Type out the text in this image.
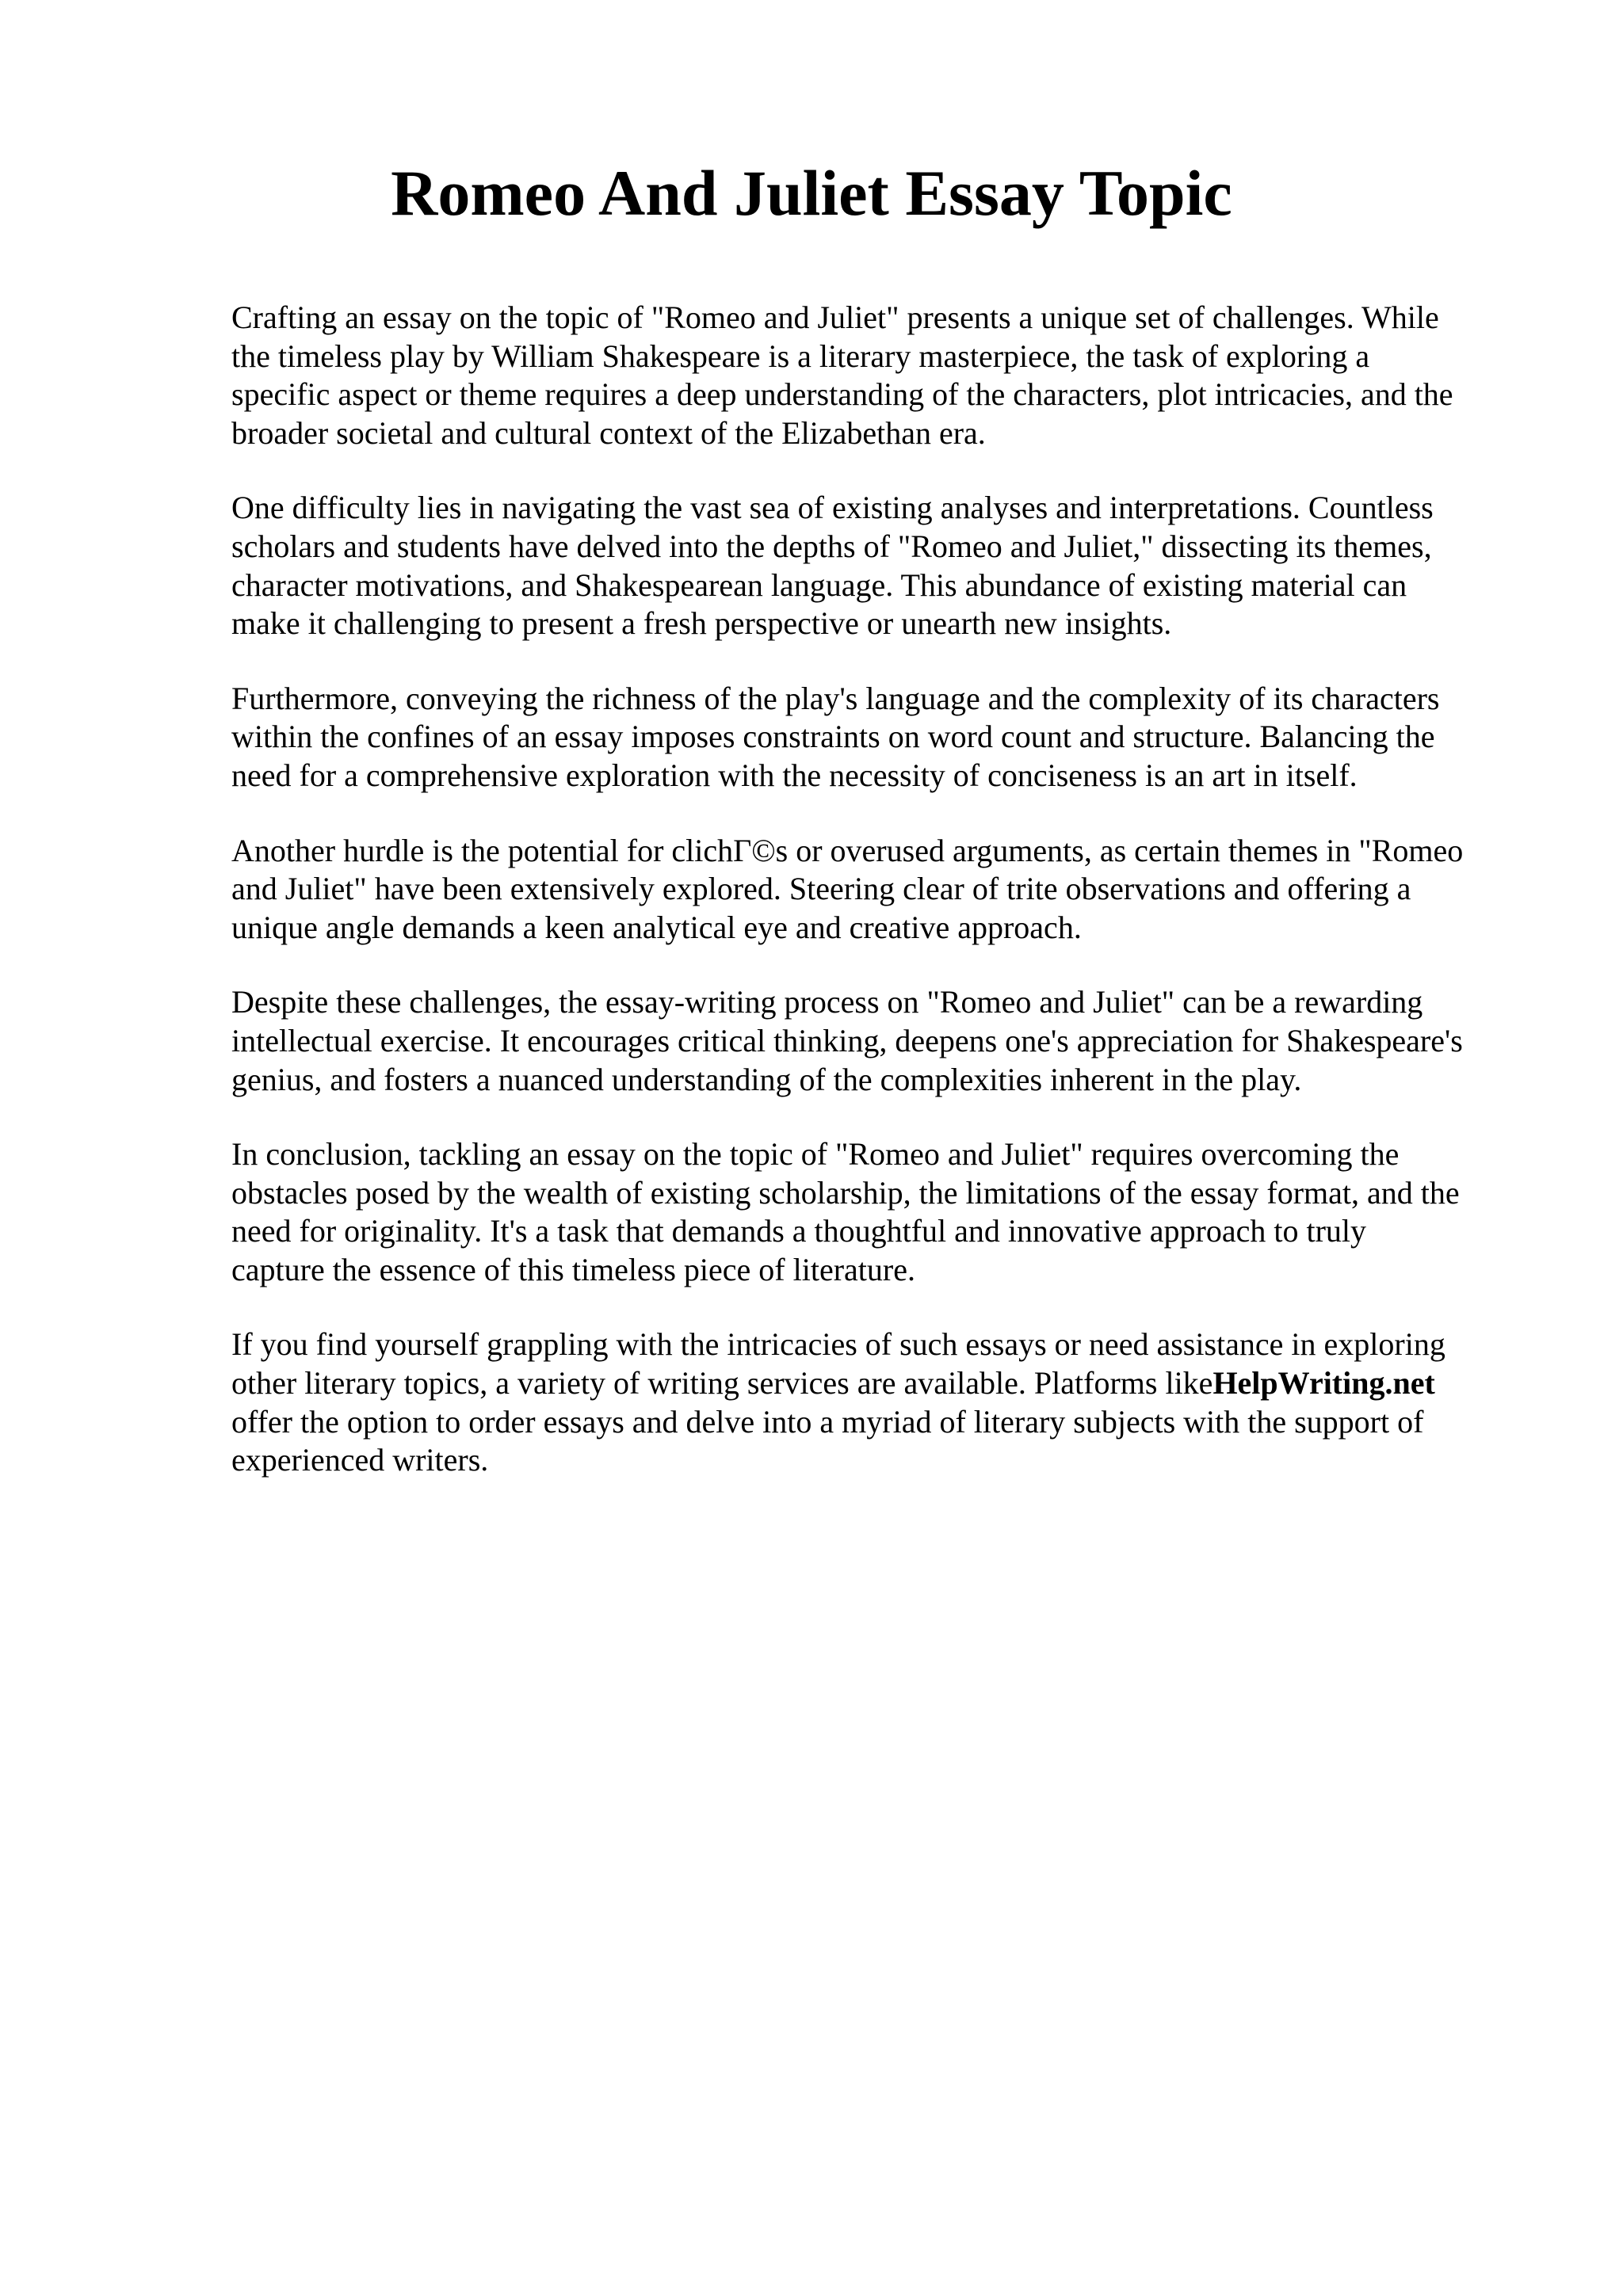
Romeo And Juliet Essay Topic

Crafting an essay on the topic of "Romeo and Juliet" presents a unique set of challenges. While
the timeless play by William Shakespeare is a literary masterpiece, the task of exploring a
specific aspect or theme requires a deep understanding of the characters, plot intricacies, and the
broader societal and cultural context of the Elizabethan era.

One difficulty lies in navigating the vast sea of existing analyses and interpretations. Countless
scholars and students have delved into the depths of "Romeo and Juliet," dissecting its themes,
character motivations, and Shakespearean language. This abundance of existing material can
make it challenging to present a fresh perspective or unearth new insights.

Furthermore, conveying the richness of the play's language and the complexity of its characters
within the confines of an essay imposes constraints on word count and structure. Balancing the
need for a comprehensive exploration with the necessity of conciseness is an art in itself.

Another hurdle is the potential for clichГ©s or overused arguments, as certain themes in "Romeo
and Juliet" have been extensively explored. Steering clear of trite observations and offering a
unique angle demands a keen analytical eye and creative approach.

Despite these challenges, the essay-writing process on "Romeo and Juliet" can be a rewarding
intellectual exercise. It encourages critical thinking, deepens one's appreciation for Shakespeare's
genius, and fosters a nuanced understanding of the complexities inherent in the play.

In conclusion, tackling an essay on the topic of "Romeo and Juliet" requires overcoming the
obstacles posed by the wealth of existing scholarship, the limitations of the essay format, and the
need for originality. It's a task that demands a thoughtful and innovative approach to truly
capture the essence of this timeless piece of literature.

If you find yourself grappling with the intricacies of such essays or need assistance in exploring
other literary topics, a variety of writing services are available. Platforms likeHelpWriting.net
offer the option to order essays and delve into a myriad of literary subjects with the support of
experienced writers.
